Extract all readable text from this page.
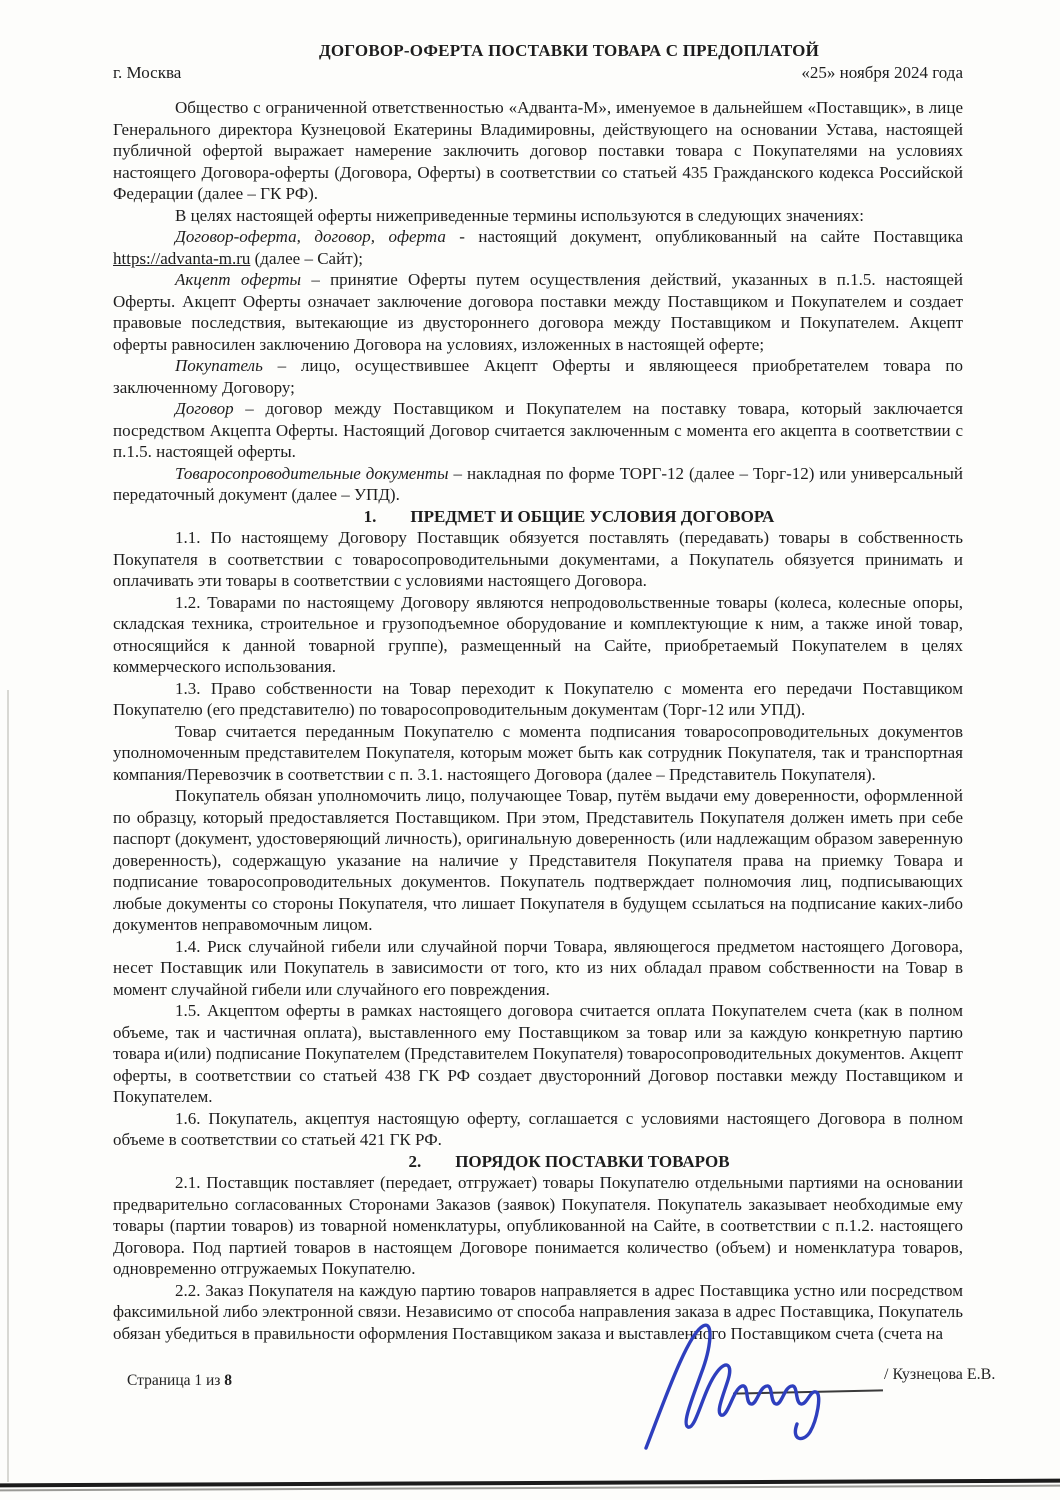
ДОГОВОР-ОФЕРТА ПОСТАВКИ ТОВАРА С ПРЕДОПЛАТОЙ

г. Москва	«25» ноября 2024 года

Общество с ограниченной ответственностью «Адванта-М», именуемое в дальнейшем «Поставщик», в лице Генерального директора Кузнецовой Екатерины Владимировны, действующего на основании Устава, настоящей публичной офертой выражает намерение заключить договор поставки товара с Покупателями на условиях настоящего Договора-оферты (Договора, Оферты) в соответствии со статьей 435 Гражданского кодекса Российской Федерации (далее – ГК РФ).

В целях настоящей оферты нижеприведенные термины используются в следующих значениях:

Договор-оферта, договор, оферта - настоящий документ, опубликованный на сайте Поставщика https://advanta-m.ru (далее – Сайт);

Акцепт оферты – принятие Оферты путем осуществления действий, указанных в п.1.5. настоящей Оферты. Акцепт Оферты означает заключение договора поставки между Поставщиком и Покупателем и создает правовые последствия, вытекающие из двустороннего договора между Поставщиком и Покупателем. Акцепт оферты равносилен заключению Договора на условиях, изложенных в настоящей оферте;

Покупатель – лицо, осуществившее Акцепт Оферты и являющееся приобретателем товара по заключенному Договору;

Договор – договор между Поставщиком и Покупателем на поставку товара, который заключается посредством Акцепта Оферты. Настоящий Договор считается заключенным с момента его акцепта в соответствии с п.1.5. настоящей оферты.

Товаросопроводительные документы – накладная по форме ТОРГ-12 (далее – Торг-12) или универсальный передаточный документ (далее – УПД).

1. ПРЕДМЕТ И ОБЩИЕ УСЛОВИЯ ДОГОВОРА

1.1. По настоящему Договору Поставщик обязуется поставлять (передавать) товары в собственность Покупателя в соответствии с товаросопроводительными документами, а Покупатель обязуется принимать и оплачивать эти товары в соответствии с условиями настоящего Договора.

1.2. Товарами по настоящему Договору являются непродовольственные товары (колеса, колесные опоры, складская техника, строительное и грузоподъемное оборудование и комплектующие к ним, а также иной товар, относящийся к данной товарной группе), размещенный на Сайте, приобретаемый Покупателем в целях коммерческого использования.

1.3. Право собственности на Товар переходит к Покупателю с момента его передачи Поставщиком Покупателю (его представителю) по товаросопроводительным документам (Торг-12 или УПД).

Товар считается переданным Покупателю с момента подписания товаросопроводительных документов уполномоченным представителем Покупателя, которым может быть как сотрудник Покупателя, так и транспортная компания/Перевозчик в соответствии с п. 3.1. настоящего Договора (далее – Представитель Покупателя).

Покупатель обязан уполномочить лицо, получающее Товар, путём выдачи ему доверенности, оформленной по образцу, который предоставляется Поставщиком. При этом, Представитель Покупателя должен иметь при себе паспорт (документ, удостоверяющий личность), оригинальную доверенность (или надлежащим образом заверенную доверенность), содержащую указание на наличие у Представителя Покупателя права на приемку Товара и подписание товаросопроводительных документов. Покупатель подтверждает полномочия лиц, подписывающих любые документы со стороны Покупателя, что лишает Покупателя в будущем ссылаться на подписание каких-либо документов неправомочным лицом.

1.4. Риск случайной гибели или случайной порчи Товара, являющегося предметом настоящего Договора, несет Поставщик или Покупатель в зависимости от того, кто из них обладал правом собственности на Товар в момент случайной гибели или случайного его повреждения.

1.5. Акцептом оферты в рамках настоящего договора считается оплата Покупателем счета (как в полном объеме, так и частичная оплата), выставленного ему Поставщиком за товар или за каждую конкретную партию товара и(или) подписание Покупателем (Представителем Покупателя) товаросопроводительных документов. Акцепт оферты, в соответствии со статьей 438 ГК РФ создает двусторонний Договор поставки между Поставщиком и Покупателем.

1.6. Покупатель, акцептуя настоящую оферту, соглашается с условиями настоящего Договора в полном объеме в соответствии со статьей 421 ГК РФ.

2. ПОРЯДОК ПОСТАВКИ ТОВАРОВ

2.1. Поставщик поставляет (передает, отгружает) товары Покупателю отдельными партиями на основании предварительно согласованных Сторонами Заказов (заявок) Покупателя. Покупатель заказывает необходимые ему товары (партии товаров) из товарной номенклатуры, опубликованной на Сайте, в соответствии с п.1.2. настоящего Договора. Под партией товаров в настоящем Договоре понимается количество (объем) и номенклатура товаров, одновременно отгружаемых Покупателю.

2.2. Заказ Покупателя на каждую партию товаров направляется в адрес Поставщика устно или посредством факсимильной либо электронной связи. Независимо от способа направления заказа в адрес Поставщика, Покупатель обязан убедиться в правильности оформления Поставщиком заказа и выставленного Поставщиком счета (счета на

Страница 1 из 8	/ Кузнецова Е.В.
